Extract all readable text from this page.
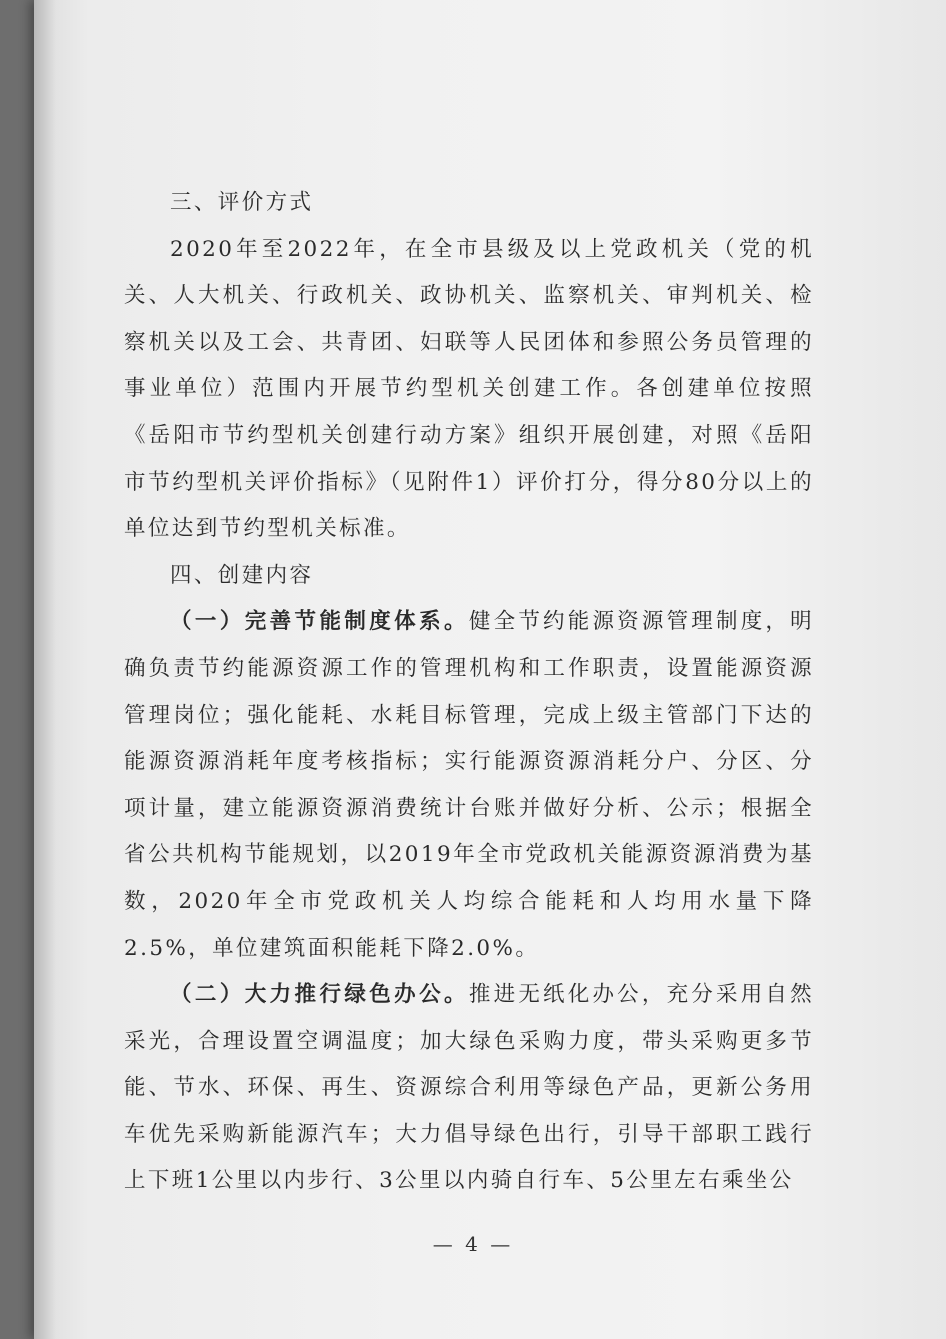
三、评价方式

2020年至2022年，在全市县级及以上党政机关（党的机关、人大机关、行政机关、政协机关、监察机关、审判机关、检察机关以及工会、共青团、妇联等人民团体和参照公务员管理的事业单位）范围内开展节约型机关创建工作。各创建单位按照《岳阳市节约型机关创建行动方案》组织开展创建，对照《岳阳市节约型机关评价指标》（见附件1）评价打分，得分80分以上的单位达到节约型机关标准。

四、创建内容

（一）完善节能制度体系。健全节约能源资源管理制度，明确负责节约能源资源工作的管理机构和工作职责，设置能源资源管理岗位；强化能耗、水耗目标管理，完成上级主管部门下达的能源资源消耗年度考核指标；实行能源资源消耗分户、分区、分项计量，建立能源资源消费统计台账并做好分析、公示；根据全省公共机构节能规划，以2019年全市党政机关能源资源消费为基数，2020年全市党政机关人均综合能耗和人均用水量下降2.5%，单位建筑面积能耗下降2.0%。

（二）大力推行绿色办公。推进无纸化办公，充分采用自然采光，合理设置空调温度；加大绿色采购力度，带头采购更多节能、节水、环保、再生、资源综合利用等绿色产品，更新公务用车优先采购新能源汽车；大力倡导绿色出行，引导干部职工践行上下班1公里以内步行、3公里以内骑自行车、5公里左右乘坐公

— 4 —
